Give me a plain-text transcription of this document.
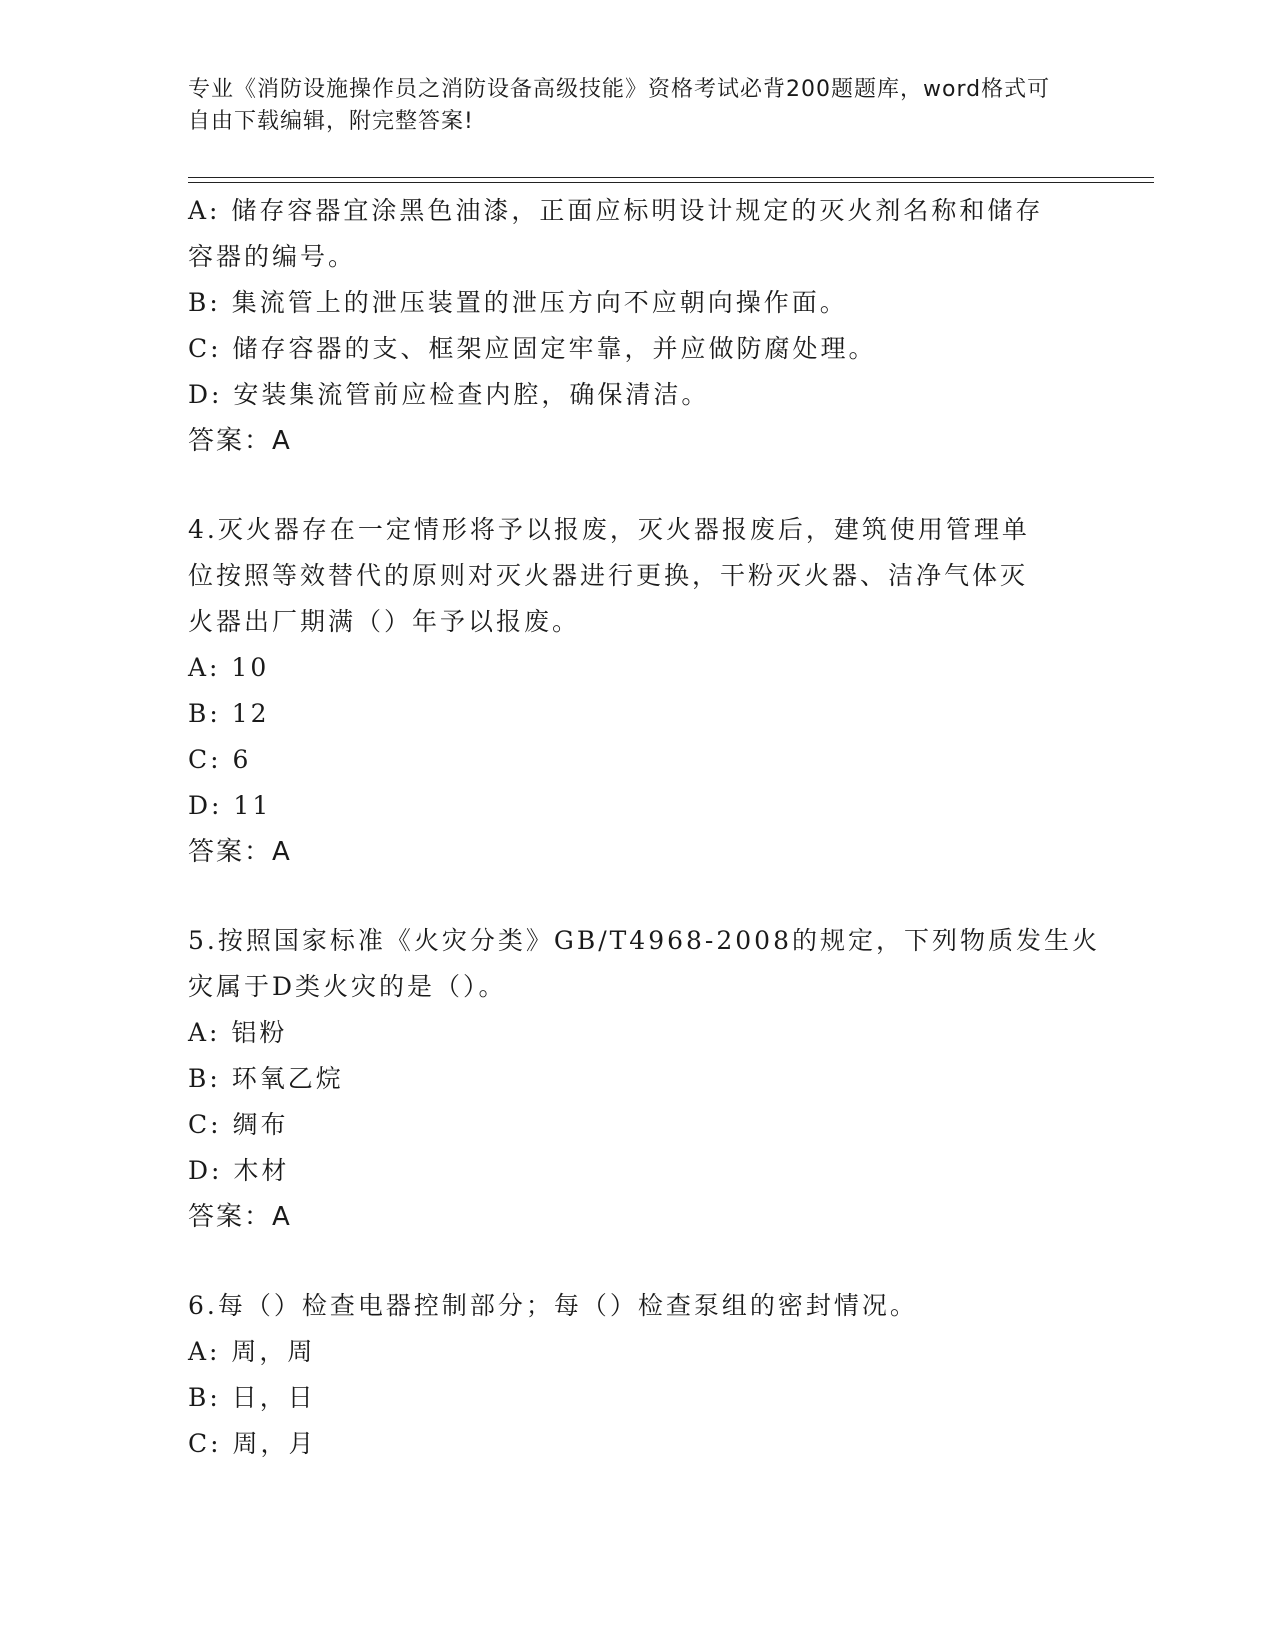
专业《消防设施操作员之消防设备高级技能》资格考试必背200题题库，word格式可自由下载编辑，附完整答案!
A: 储存容器宜涂黑色油漆，正面应标明设计规定的灭火剂名称和储存
容器的编号。
B: 集流管上的泄压装置的泄压方向不应朝向操作面。
C: 储存容器的支、框架应固定牢靠，并应做防腐处理。
D: 安装集流管前应检查内腔，确保清洁。
答案：A
4.灭火器存在一定情形将予以报废，灭火器报废后，建筑使用管理单
位按照等效替代的原则对灭火器进行更换，干粉灭火器、洁净气体灭
火器出厂期满（）年予以报废。
A: 10
B: 12
C: 6
D: 11
答案：A
5.按照国家标准《火灾分类》GB/T4968-2008的规定，下列物质发生火
灾属于D类火灾的是（）。
A: 铝粉
B: 环氧乙烷
C: 绸布
D: 木材
答案：A
6.每（）检查电器控制部分；每（）检查泵组的密封情况。
A: 周，周
B: 日，日
C: 周，月
